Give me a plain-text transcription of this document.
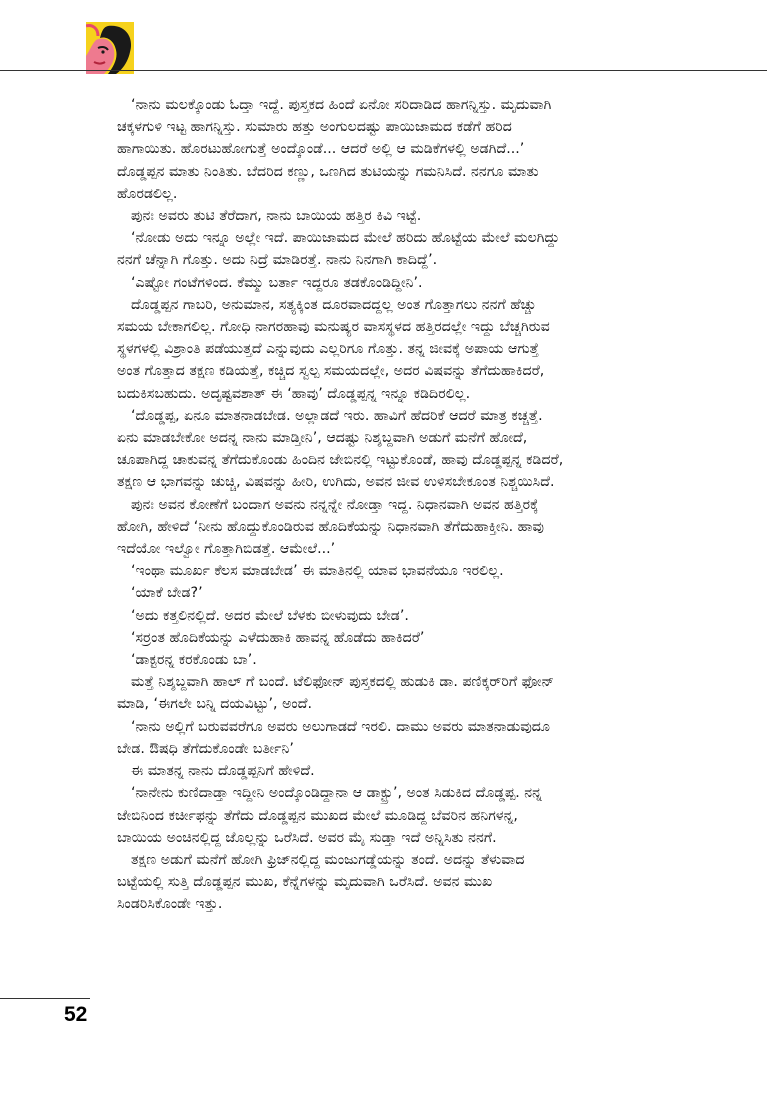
‘ನಾನು ಮಲಕ್ಕೊಂಡು ಓದ್ತಾ ಇದ್ದೆ. ಪುಸ್ತಕದ ಹಿಂದೆ ಏನೋ ಸರಿದಾಡಿದ ಹಾಗನ್ನಿಸ್ತು. ಮೃದುವಾಗಿ
ಚಕ್ಕಳಗುಳಿ ಇಟ್ಟ ಹಾಗನ್ನಿಸ್ತು. ಸುಮಾರು ಹತ್ತು ಅಂಗುಲದಷ್ಟು ಪಾಯಿಜಾಮದ ಕಡೆಗೆ ಹರಿದ
ಹಾಗಾಯಿತು. ಹೊರಟುಹೋಗುತ್ತೆ ಅಂದ್ಕೊಂಡೆ... ಆದರೆ ಅಲ್ಲಿ ಆ ಮಡಿಕೆಗಳಲ್ಲಿ ಅಡಗಿದೆ...’
ದೊಡ್ಡಪ್ಪನ ಮಾತು ನಿಂತಿತು. ಬೆದರಿದ ಕಣ್ಣು, ಒಣಗಿದ ತುಟಿಯನ್ನು ಗಮನಿಸಿದೆ. ನನಗೂ ಮಾತು
ಹೊರಡಲಿಲ್ಲ.

ಪುನಃ ಅವರು ತುಟಿ ತೆರೆದಾಗ, ನಾನು ಬಾಯಿಯ ಹತ್ತಿರ ಕಿವಿ ಇಟ್ಟೆ.

‘ನೋಡು ಅದು ಇನ್ನೂ ಅಲ್ಲೇ ಇದೆ. ಪಾಯಿಜಾಮದ ಮೇಲೆ ಹರಿದು ಹೊಟ್ಟೆಯ ಮೇಲೆ ಮಲಗಿದ್ದು
ನನಗೆ ಚೆನ್ನಾಗಿ ಗೊತ್ತು. ಅದು ನಿದ್ರೆ ಮಾಡಿರತ್ತೆ. ನಾನು ನಿನಗಾಗಿ ಕಾದಿದ್ದೆ’.

‘ಎಷ್ಟೋ ಗಂಟೆಗಳಿಂದ. ಕೆಮ್ಮು ಬರ್ತಾ ಇದ್ದರೂ ತಡಕೊಂಡಿದ್ದೀನಿ’.

ದೊಡ್ಡಪ್ಪನ ಗಾಬರಿ, ಅನುಮಾನ, ಸತ್ಯಕ್ಕಿಂತ ದೂರವಾದದ್ದಲ್ಲ ಅಂತ ಗೊತ್ತಾಗಲು ನನಗೆ ಹೆಚ್ಚು
ಸಮಯ ಬೇಕಾಗಲಿಲ್ಲ. ಗೋಧಿ ನಾಗರಹಾವು ಮನುಷ್ಯರ ವಾಸಸ್ಥಳದ ಹತ್ತಿರದಲ್ಲೇ ಇದ್ದು ಬೆಚ್ಚಗಿರುವ
ಸ್ಥಳಗಳಲ್ಲಿ ವಿಶ್ರಾಂತಿ ಪಡೆಯುತ್ತದೆ ಎನ್ನುವುದು ಎಲ್ಲರಿಗೂ ಗೊತ್ತು. ತನ್ನ ಜೀವಕ್ಕೆ ಅಪಾಯ ಆಗುತ್ತೆ
ಅಂತ ಗೊತ್ತಾದ ತಕ್ಷಣ ಕಡಿಯತ್ತೆ, ಕಚ್ಚಿದ ಸ್ವಲ್ಪ ಸಮಯದಲ್ಲೇ, ಅದರ ವಿಷವನ್ನು ತೆಗೆದುಹಾಕಿದರೆ,
ಬದುಕಿಸಬಹುದು. ಅದೃಷ್ಟವಶಾತ್ ಈ ‘ಹಾವು’ ದೊಡ್ಡಪ್ಪನ್ನ ಇನ್ನೂ ಕಡಿದಿರಲಿಲ್ಲ.

‘ದೊಡ್ಡಪ್ಪ, ಏನೂ ಮಾತನಾಡಬೇಡ. ಅಲ್ಲಾಡದೆ ಇರು. ಹಾವಿಗೆ ಹೆದರಿಕೆ ಆದರೆ ಮಾತ್ರ ಕಚ್ಚತ್ತೆ.
ಏನು ಮಾಡಬೇಕೋ ಅದನ್ನ ನಾನು ಮಾಡ್ತೀನಿ’, ಆದಷ್ಟು ನಿಶ್ಶಬ್ದವಾಗಿ ಅಡುಗೆ ಮನೆಗೆ ಹೋದೆ,
ಚೂಪಾಗಿದ್ದ ಚಾಕುವನ್ನ ತೆಗೆದುಕೊಂಡು ಹಿಂದಿನ ಜೇಬಿನಲ್ಲಿ ಇಟ್ಟುಕೊಂಡೆ, ಹಾವು ದೊಡ್ಡಪ್ಪನ್ನ ಕಡಿದರೆ,
ತಕ್ಷಣ ಆ ಭಾಗವನ್ನು ಚುಚ್ಚಿ, ವಿಷವನ್ನು ಹೀರಿ, ಉಗಿದು, ಅವನ ಜೀವ ಉಳಿಸಬೇಕೂಂತ ನಿಶ್ಚಯಿಸಿದೆ.

ಪುನಃ ಅವನ ಕೋಣೆಗೆ ಬಂದಾಗ ಅವನು ನನ್ನನ್ನೇ ನೋಡ್ತಾ ಇದ್ದ. ನಿಧಾನವಾಗಿ ಅವನ ಹತ್ತಿರಕ್ಕೆ
ಹೋಗಿ, ಹೇಳಿದೆ ‘ನೀನು ಹೊದ್ದುಕೊಂಡಿರುವ ಹೊದಿಕೆಯನ್ನು ನಿಧಾನವಾಗಿ ತೆಗೆದುಹಾಕ್ತೀನಿ. ಹಾವು
ಇದೆಯೋ ಇಲ್ವೋ ಗೊತ್ತಾಗಿಬಿಡತ್ತೆ. ಆಮೇಲೆ...’

‘ಇಂಥಾ ಮೂರ್ಖ ಕೆಲಸ ಮಾಡಬೇಡ’ ಈ ಮಾತಿನಲ್ಲಿ ಯಾವ ಭಾವನೆಯೂ ಇರಲಿಲ್ಲ.

‘ಯಾಕೆ ಬೇಡ?’

‘ಅದು ಕತ್ತಲಿನಲ್ಲಿದೆ. ಅದರ ಮೇಲೆ ಬೆಳಕು ಬೀಳುವುದು ಬೇಡ’.

‘ಸರ್ರಂತ ಹೊದಿಕೆಯನ್ನು ಎಳೆದುಹಾಕಿ ಹಾವನ್ನ ಹೊಡೆದು ಹಾಕಿದರೆ’

‘ಡಾಕ್ಟರನ್ನ ಕರಕೊಂಡು ಬಾ’.

ಮತ್ತೆ ನಿಶ್ಶಬ್ದವಾಗಿ ಹಾಲ್ ಗೆ ಬಂದೆ. ಟೆಲಿಫೋನ್ ಪುಸ್ತಕದಲ್ಲಿ ಹುಡುಕಿ ಡಾ. ಪಣಿಕ್ಕರ್‌ರಿಗೆ ಫೋನ್
ಮಾಡಿ, ‘ಈಗಲೇ ಬನ್ನಿ ದಯವಿಟ್ಟು’, ಅಂದೆ.

‘ನಾನು ಅಲ್ಲಿಗೆ ಬರುವವರೆಗೂ ಅವರು ಅಲುಗಾಡದೆ ಇರಲಿ. ದಾಮು ಅವರು ಮಾತನಾಡುವುದೂ
ಬೇಡ. ಔಷಧಿ ತೆಗೆದುಕೊಂಡೇ ಬರ್ತೀನಿ’

ಈ ಮಾತನ್ನ ನಾನು ದೊಡ್ಡಪ್ಪನಿಗೆ ಹೇಳಿದೆ.

‘ನಾನೇನು ಕುಣಿದಾಡ್ತಾ ಇದ್ದೀನಿ ಅಂದ್ಕೊಂಡಿದ್ದಾನಾ ಆ ಡಾಕ್ಟ್ರು’, ಅಂತ ಸಿಡುಕಿದ ದೊಡ್ಡಪ್ಪ. ನನ್ನ
ಜೇಬಿನಿಂದ ಕರ್ಚೀಫನ್ನು ತೆಗೆದು ದೊಡ್ಡಪ್ಪನ ಮುಖದ ಮೇಲೆ ಮೂಡಿದ್ದ ಬೆವರಿನ ಹನಿಗಳನ್ನ,
ಬಾಯಿಯ ಅಂಚಿನಲ್ಲಿದ್ದ ಜೊಲ್ಲನ್ನು ಒರೆಸಿದೆ. ಅವರ ಮೈ ಸುಡ್ತಾ ಇದೆ ಅನ್ನಿಸಿತು ನನಗೆ.

ತಕ್ಷಣ ಅಡುಗೆ ಮನೆಗೆ ಹೋಗಿ ಫ್ರಿಜ್‌ನಲ್ಲಿದ್ದ ಮಂಜುಗಡ್ಡೆಯನ್ನು ತಂದೆ. ಅದನ್ನು ತೆಳುವಾದ
ಬಟ್ಟೆಯಲ್ಲಿ ಸುತ್ತಿ ದೊಡ್ಡಪ್ಪನ ಮುಖ, ಕೆನ್ನೆಗಳನ್ನು ಮೃದುವಾಗಿ ಒರೆಸಿದೆ. ಅವನ ಮುಖ
ಸಿಂಡರಿಸಿಕೊಂಡೇ ಇತ್ತು.

52
